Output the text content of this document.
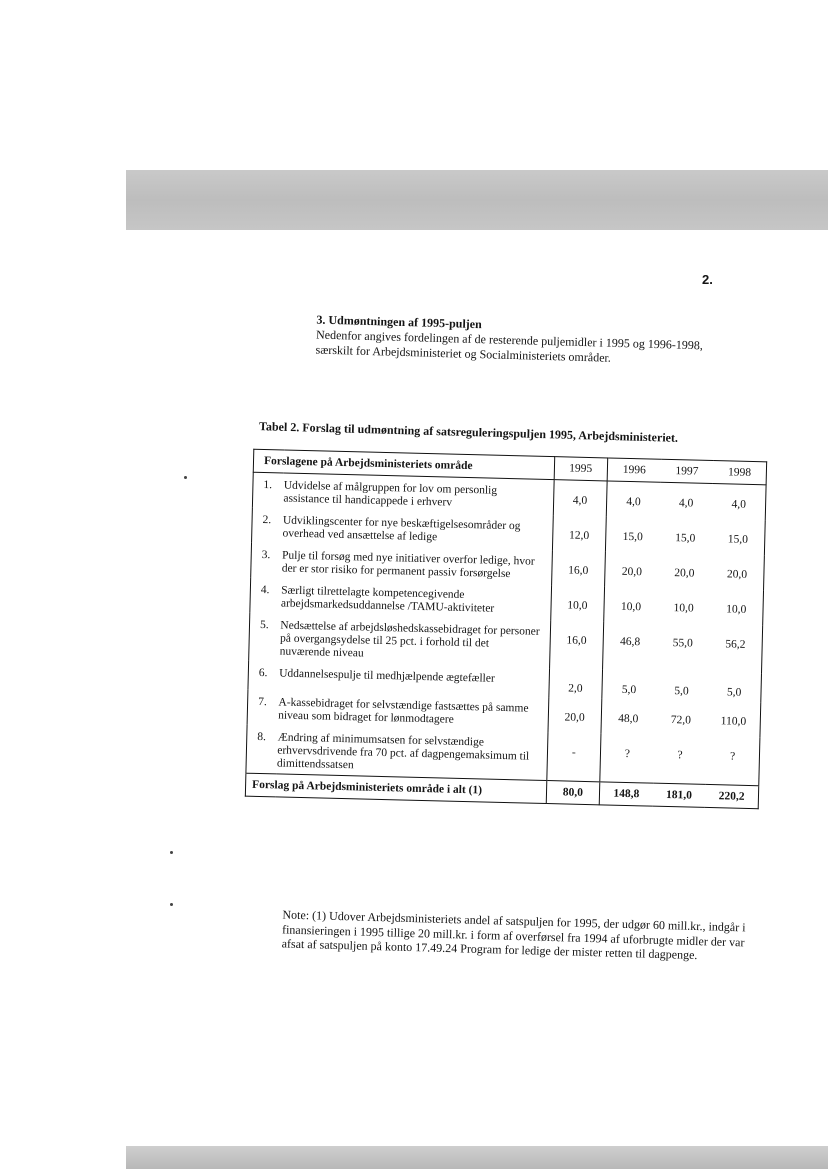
2.
3. Udmøntningen af 1995-puljen
Nedenfor angives fordelingen af de resterende puljemidler i 1995 og 1996-1998, særskilt for Arbejdsministeriet og Socialministeriets områder.
Tabel 2. Forslag til udmøntning af satsreguleringspuljen 1995, Arbejdsministeriet.
Forslagene på Arbejdsministeriets område		1995	1996	1997	1998
1.	Udvidelse af målgruppen for lov om personlig assistance til handicappede i erhverv	4,0	4,0	4,0	4,0
2.	Udviklingscenter for nye beskæftigelsesområder og overhead ved ansættelse af ledige	12,0	15,0	15,0	15,0
3.	Pulje til forsøg med nye initiativer overfor ledige, hvor der er stor risiko for permanent passiv forsørgelse	16,0	20,0	20,0	20,0
4.	Særligt tilrettelagte kompetencegivende arbejdsmarkedsuddannelse /TAMU-aktiviteter	10,0	10,0	10,0	10,0
5.	Nedsættelse af arbejdsløshedskassebidraget for personer på overgangsydelse til 25 pct. i forhold til det nuværende niveau	16,0	46,8	55,0	56,2
6.	Uddannelsespulje til medhjælpende ægtefæller	2,0	5,0	5,0	5,0
7.	A-kassebidraget for selvstændige fastsættes på samme niveau som bidraget for lønmodtagere	20,0	48,0	72,0	110,0
8.	Ændring af minimumsatsen for selvstændige erhvervsdrivende fra 70 pct. af dagpengemaksimum til dimittendssatsen	-	?	?	?
Forslag på Arbejdsministeriets område i alt (1)		80,0	148,8	181,0	220,2
Note: (1) Udover Arbejdsministeriets andel af satspuljen for 1995, der udgør 60 mill.kr., indgår i finansieringen i 1995 tillige 20 mill.kr. i form af overførsel fra 1994 af uforbrugte midler der var afsat af satspuljen på konto 17.49.24 Program for ledige der mister retten til dagpenge.
